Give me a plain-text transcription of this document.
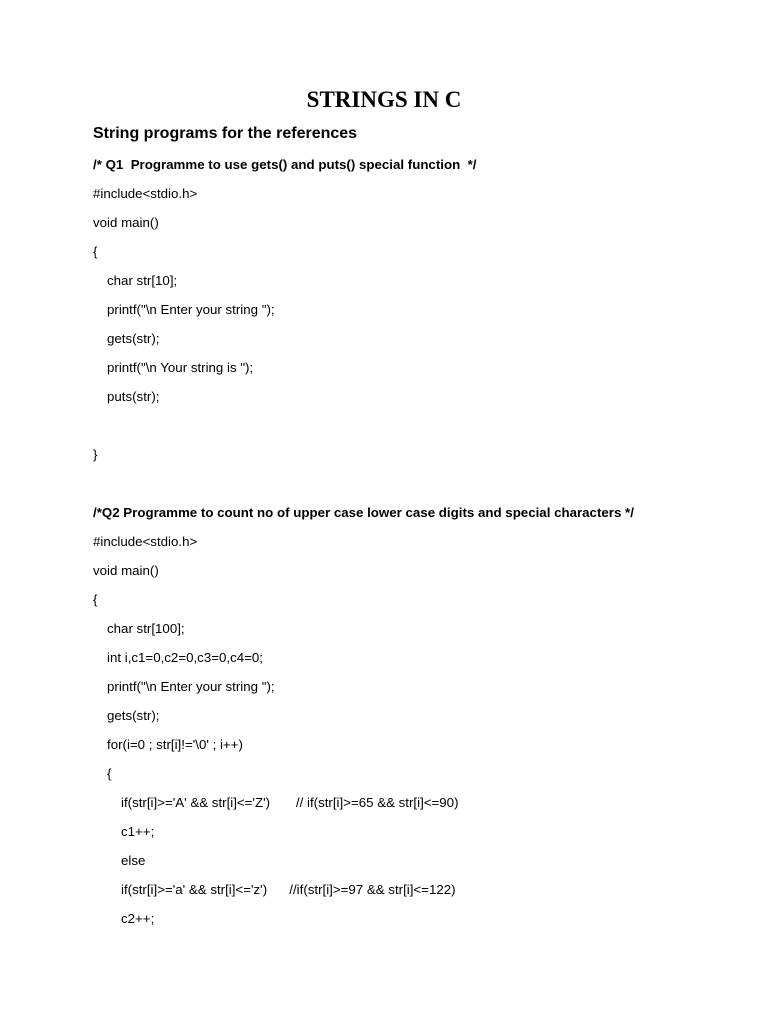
STRINGS IN C
String programs for the references
/* Q1  Programme to use gets() and puts() special function  */
#include<stdio.h>
void main()
{
char str[10];
printf("\n Enter your string ");
gets(str);
printf("\n Your string is ");
puts(str);
}
/*Q2 Programme to count no of upper case lower case digits and special characters */
#include<stdio.h>
void main()
{
char str[100];
int i,c1=0,c2=0,c3=0,c4=0;
printf("\n Enter your string ");
gets(str);
for(i=0 ; str[i]!='\0' ; i++)
{
if(str[i]>='A' && str[i]<='Z')       // if(str[i]>=65 && str[i]<=90)
c1++;
else
if(str[i]>='a' && str[i]<='z')      //if(str[i]>=97 && str[i]<=122)
c2++;
